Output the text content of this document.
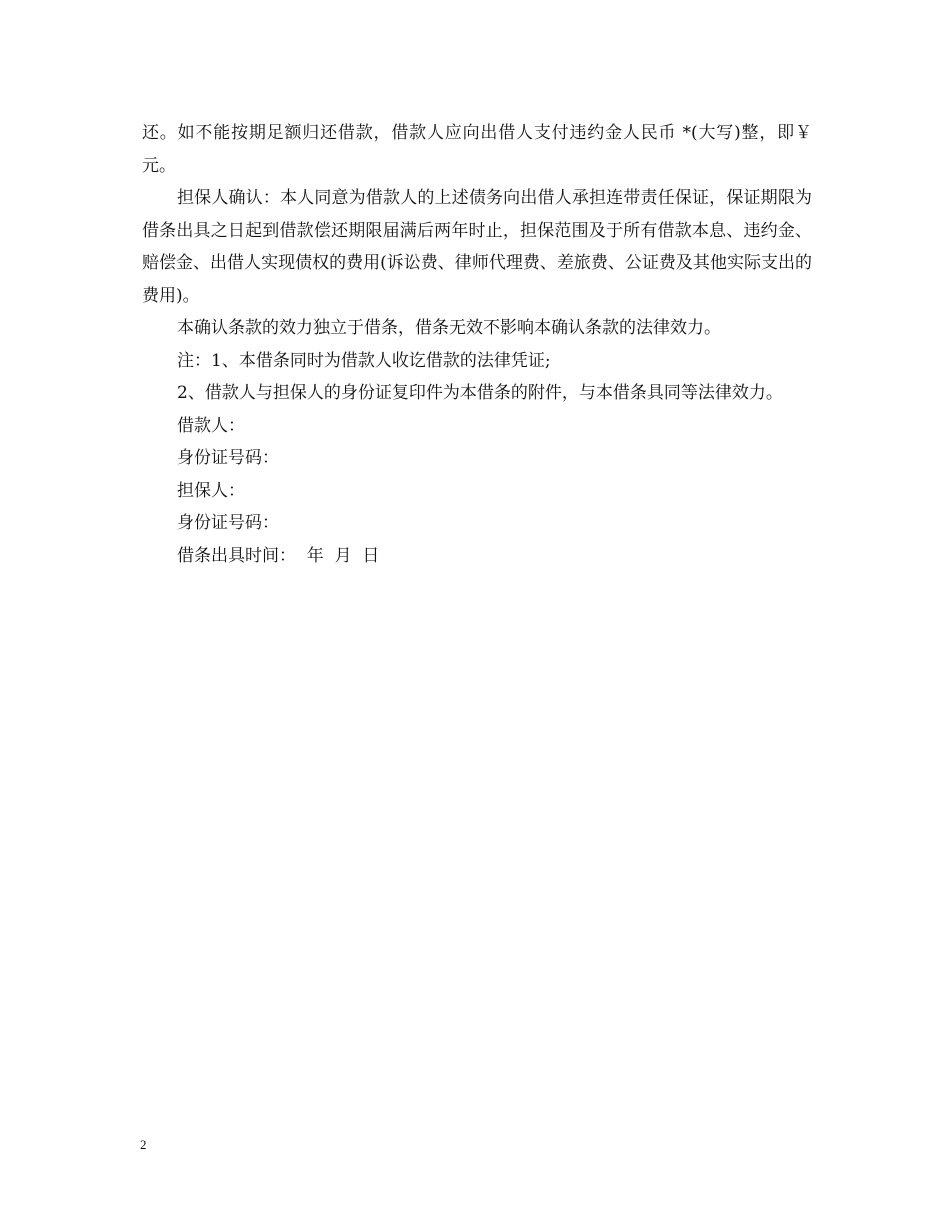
还。如不能按期足额归还借款，借款人应向出借人支付违约金人民币 *(大写)整，即￥ 元。

担保人确认：本人同意为借款人的上述债务向出借人承担连带责任保证，保证期限为借条出具之日起到借款偿还期限届满后两年时止，担保范围及于所有借款本息、违约金、赔偿金、出借人实现债权的费用(诉讼费、律师代理费、差旅费、公证费及其他实际支出的费用)。

本确认条款的效力独立于借条，借条无效不影响本确认条款的法律效力。

注：1、本借条同时为借款人收讫借款的法律凭证;

2、借款人与担保人的身份证复印件为本借条的附件，与本借条具同等法律效力。

借款人：

身份证号码：

担保人：

身份证号码：

借条出具时间：  年  月  日

2
